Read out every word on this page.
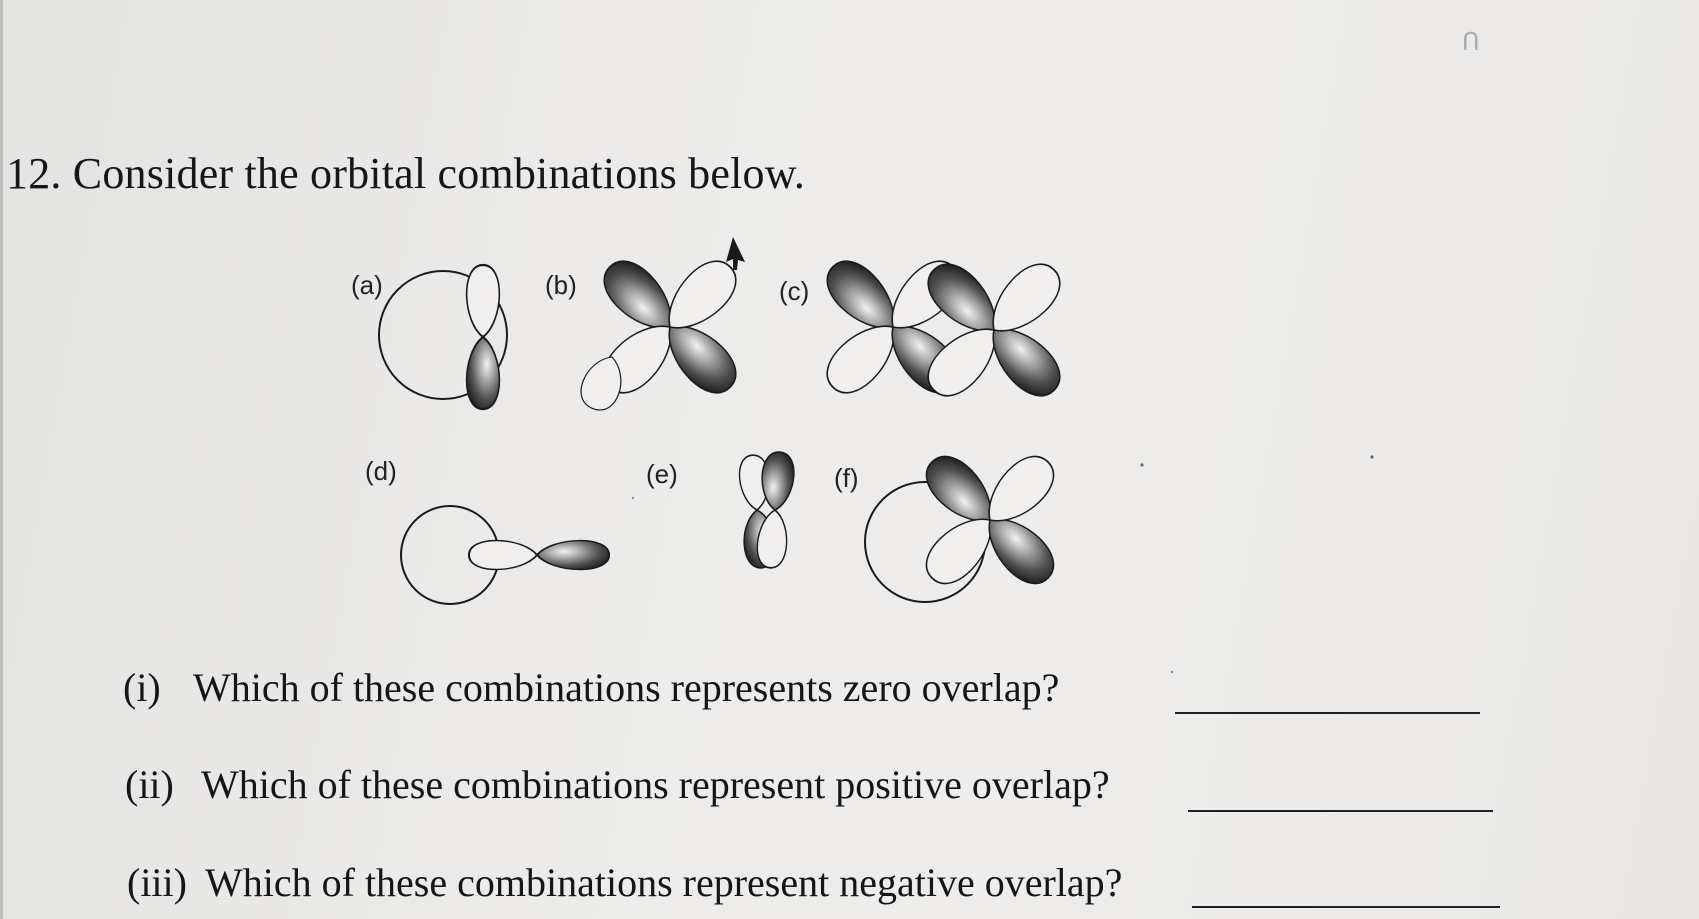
12. Consider the orbital combinations below.
ᑎ
(a)	(b)	(c)
(d)	(e)	(f)
(i) Which of these combinations represents zero overlap?
(ii) Which of these combinations represent positive overlap?
(iii) Which of these combinations represent negative overlap?
